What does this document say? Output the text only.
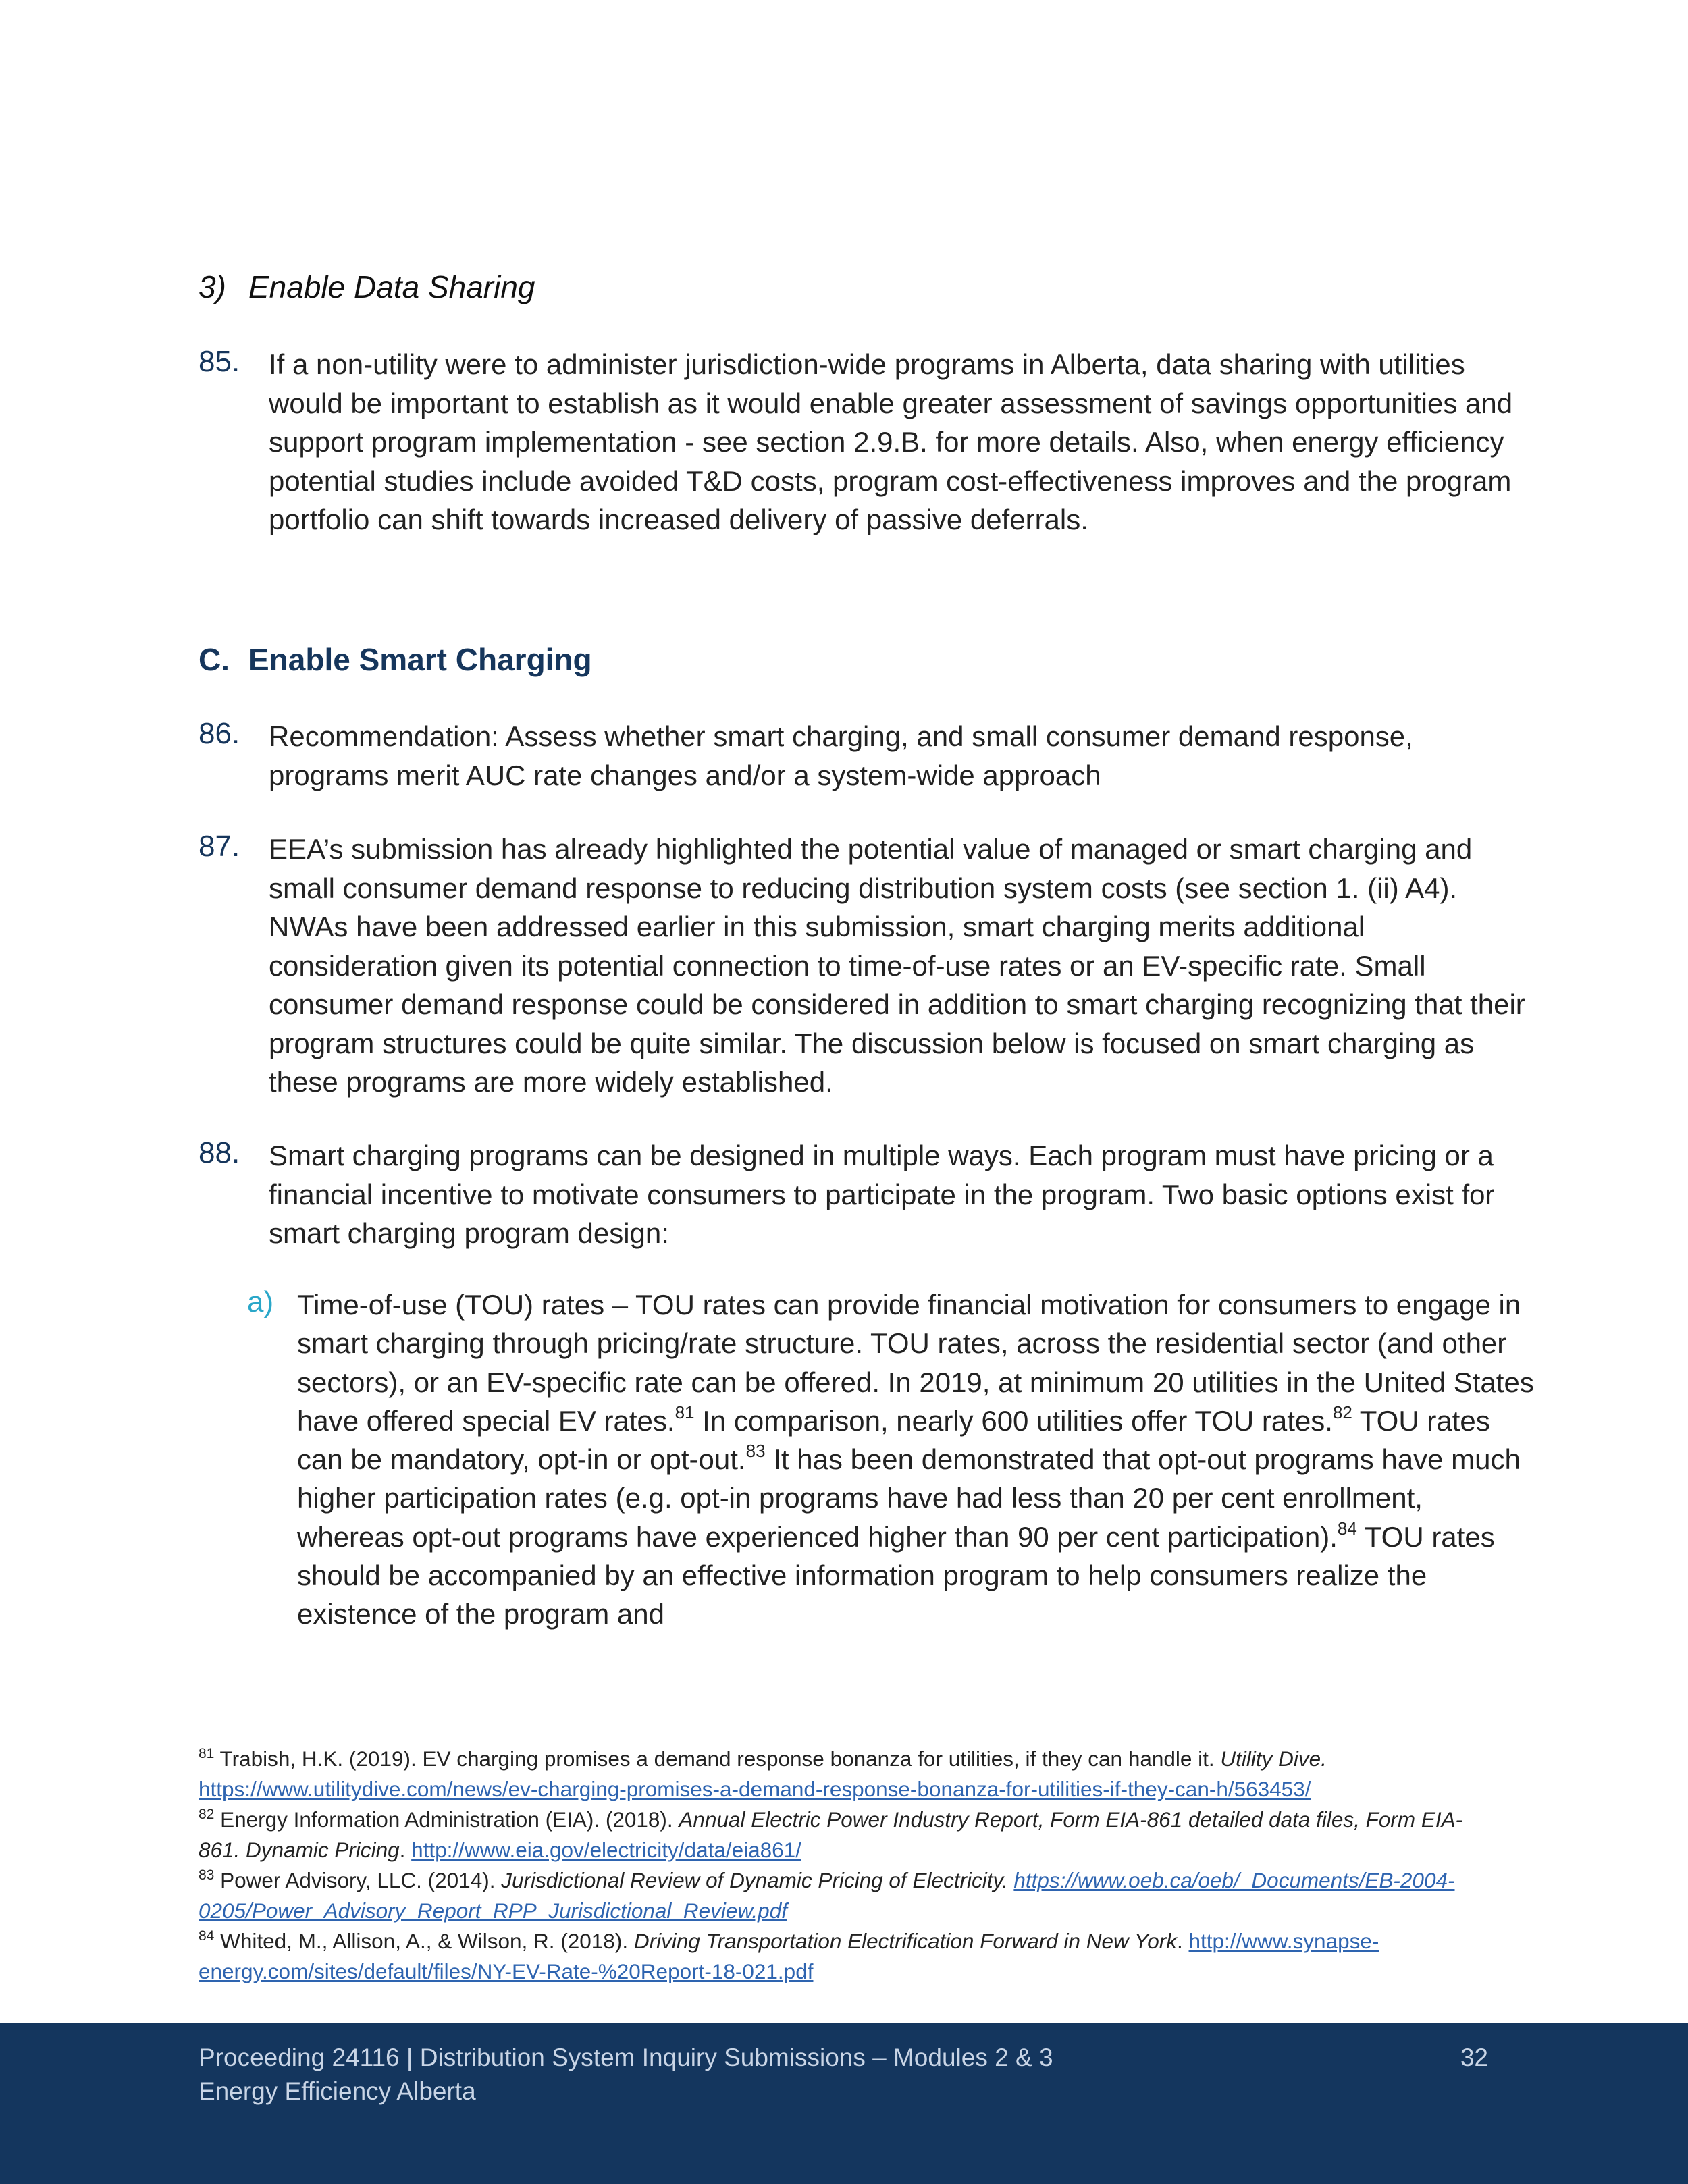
3) Enable Data Sharing
85. If a non-utility were to administer jurisdiction-wide programs in Alberta, data sharing with utilities would be important to establish as it would enable greater assessment of savings opportunities and support program implementation - see section 2.9.B. for more details. Also, when energy efficiency potential studies include avoided T&D costs, program cost-effectiveness improves and the program portfolio can shift towards increased delivery of passive deferrals.
C. Enable Smart Charging
86. Recommendation: Assess whether smart charging, and small consumer demand response, programs merit AUC rate changes and/or a system-wide approach
87. EEA’s submission has already highlighted the potential value of managed or smart charging and small consumer demand response to reducing distribution system costs (see section 1. (ii) A4). NWAs have been addressed earlier in this submission, smart charging merits additional consideration given its potential connection to time-of-use rates or an EV-specific rate. Small consumer demand response could be considered in addition to smart charging recognizing that their program structures could be quite similar. The discussion below is focused on smart charging as these programs are more widely established.
88. Smart charging programs can be designed in multiple ways. Each program must have pricing or a financial incentive to motivate consumers to participate in the program. Two basic options exist for smart charging program design:
a) Time-of-use (TOU) rates – TOU rates can provide financial motivation for consumers to engage in smart charging through pricing/rate structure. TOU rates, across the residential sector (and other sectors), or an EV-specific rate can be offered. In 2019, at minimum 20 utilities in the United States have offered special EV rates.$^{81}$ In comparison, nearly 600 utilities offer TOU rates.$^{82}$ TOU rates can be mandatory, opt-in or opt-out.$^{83}$ It has been demonstrated that opt-out programs have much higher participation rates (e.g. opt-in programs have had less than 20 per cent enrollment, whereas opt-out programs have experienced higher than 90 per cent participation).$^{84}$ TOU rates should be accompanied by an effective information program to help consumers realize the existence of the program and
$^{81}$ Trabish, H.K. (2019). EV charging promises a demand response bonanza for utilities, if they can handle it. Utility Dive.
https://www.utilitydive.com/news/ev-charging-promises-a-demand-response-bonanza-for-utilities-if-they-can-h/563453/
$^{82}$ Energy Information Administration (EIA). (2018). Annual Electric Power Industry Report, Form EIA-861 detailed data files, Form EIA-861. Dynamic Pricing. http://www.eia.gov/electricity/data/eia861/
$^{83}$ Power Advisory, LLC. (2014). Jurisdictional Review of Dynamic Pricing of Electricity. https://www.oeb.ca/oeb/_Documents/EB-2004-0205/Power_Advisory_Report_RPP_Jurisdictional_Review.pdf
$^{84}$ Whited, M., Allison, A., & Wilson, R. (2018). Driving Transportation Electrification Forward in New York. http://www.synapse-energy.com/sites/default/files/NY-EV-Rate-%20Report-18-021.pdf
Proceeding 24116 | Distribution System Inquiry Submissions – Modules 2 & 3
Energy Efficiency Alberta
32
